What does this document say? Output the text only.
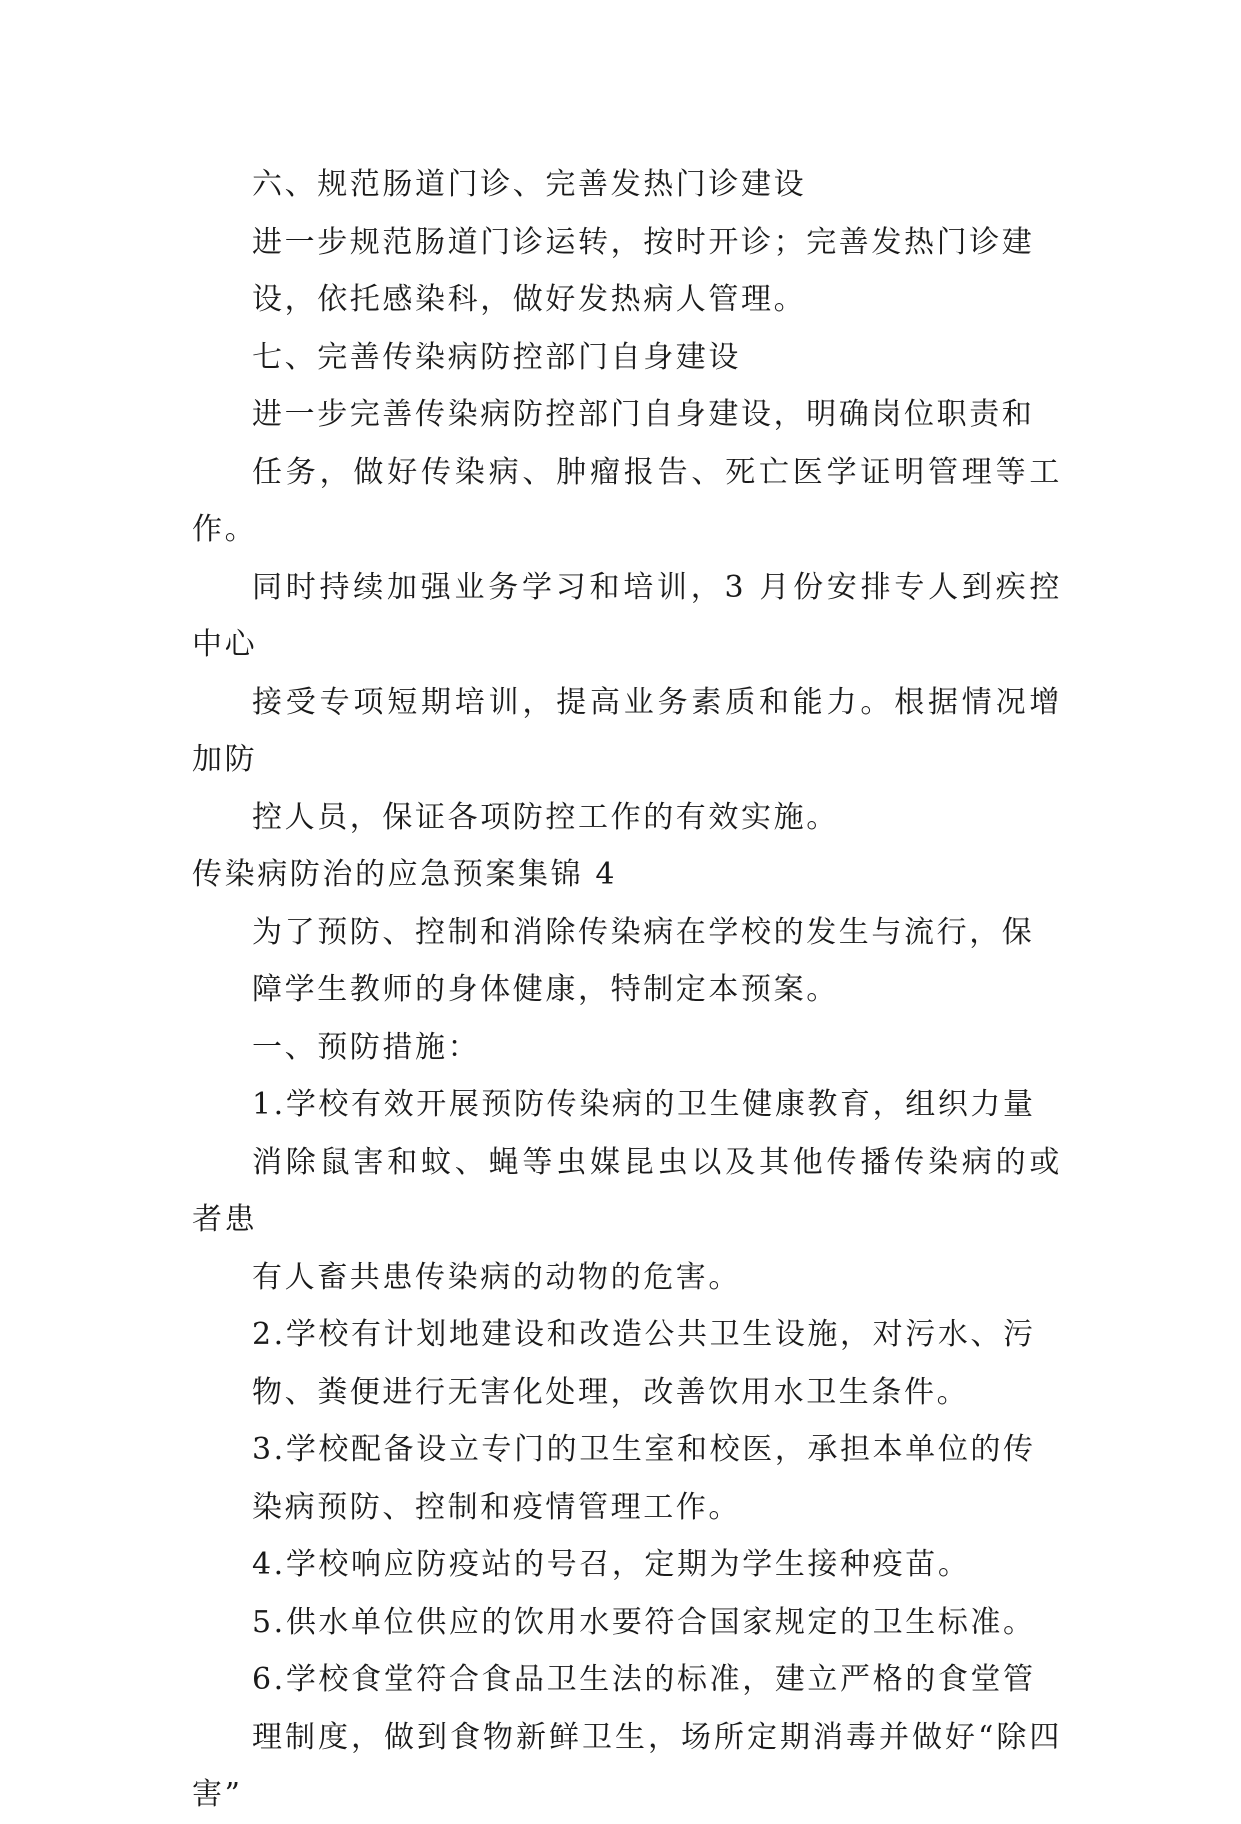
六、规范肠道门诊、完善发热门诊建设

进一步规范肠道门诊运转，按时开诊；完善发热门诊建
设，依托感染科，做好发热病人管理。

七、完善传染病防控部门自身建设

进一步完善传染病防控部门自身建设，明确岗位职责和
任务，做好传染病、肿瘤报告、死亡医学证明管理等工作。
同时持续加强业务学习和培训，3 月份安排专人到疾控中心
接受专项短期培训，提高业务素质和能力。根据情况增加防
控人员，保证各项防控工作的有效实施。

传染病防治的应急预案集锦 4

为了预防、控制和消除传染病在学校的发生与流行，保
障学生教师的身体健康，特制定本预案。

一、预防措施：

1.学校有效开展预防传染病的卫生健康教育，组织力量
消除鼠害和蚊、蝇等虫媒昆虫以及其他传播传染病的或者患
有人畜共患传染病的动物的危害。

2.学校有计划地建设和改造公共卫生设施，对污水、污
物、粪便进行无害化处理，改善饮用水卫生条件。

3.学校配备设立专门的卫生室和校医，承担本单位的传
染病预防、控制和疫情管理工作。

4.学校响应防疫站的号召，定期为学生接种疫苗。

5.供水单位供应的饮用水要符合国家规定的卫生标准。

6.学校食堂符合食品卫生法的标准，建立严格的食堂管
理制度，做到食物新鲜卫生，场所定期消毒并做好“除四害”
